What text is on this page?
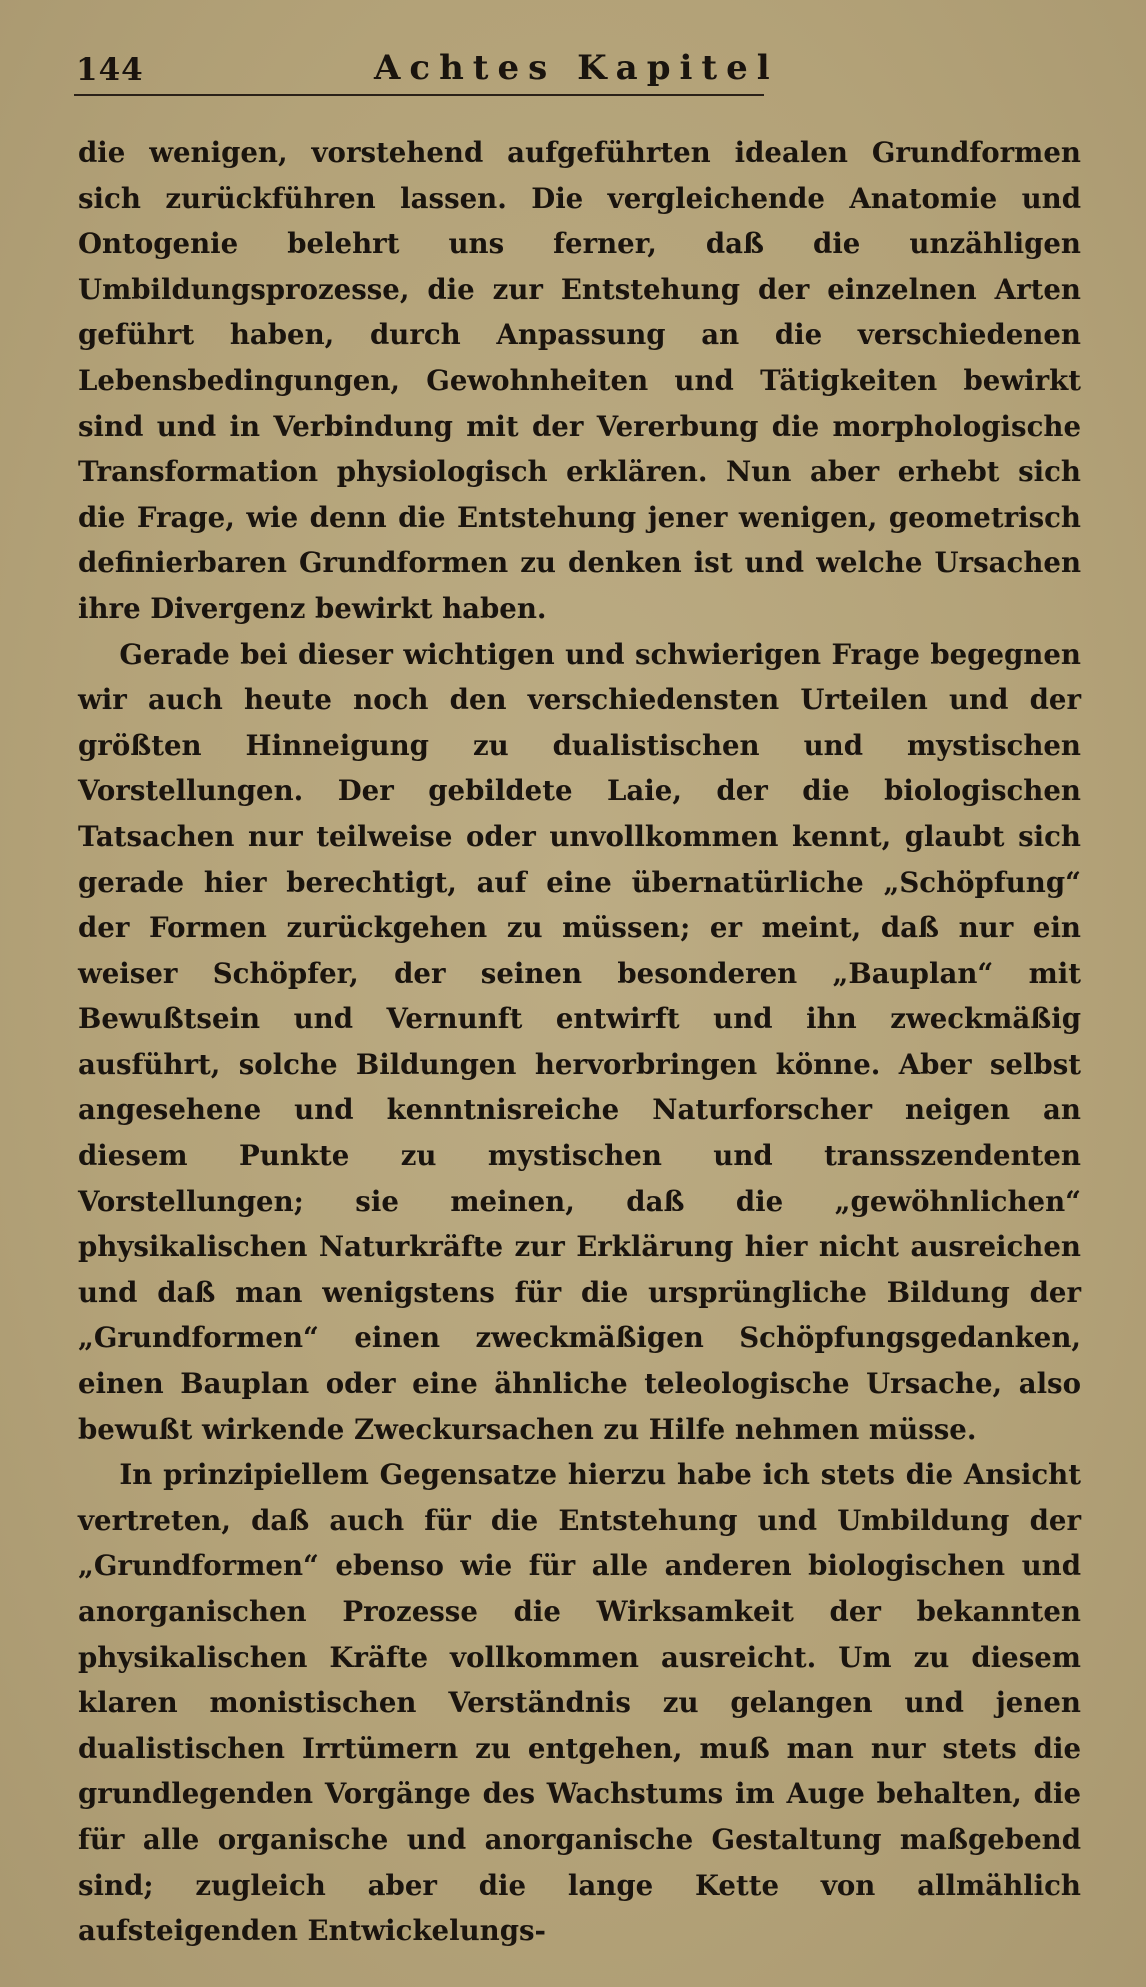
144	Achtes Kapitel

die wenigen, vorstehend aufgeführten idealen Grundformen sich zurückführen lassen. Die vergleichende Anatomie und Ontogenie belehrt uns ferner, daß die unzähligen Umbildungsprozesse, die zur Entstehung der einzelnen Arten geführt haben, durch Anpassung an die verschiedenen Lebensbedingungen, Gewohnheiten und Tätigkeiten bewirkt sind und in Verbindung mit der Vererbung die morphologische Transformation physiologisch erklären. Nun aber erhebt sich die Frage, wie denn die Entstehung jener wenigen, geometrisch definierbaren Grundformen zu denken ist und welche Ursachen ihre Divergenz bewirkt haben.

Gerade bei dieser wichtigen und schwierigen Frage begegnen wir auch heute noch den verschiedensten Urteilen und der größten Hinneigung zu dualistischen und mystischen Vorstellungen. Der gebildete Laie, der die biologischen Tatsachen nur teilweise oder unvollkommen kennt, glaubt sich gerade hier berechtigt, auf eine übernatürliche „Schöpfung“ der Formen zurückgehen zu müssen; er meint, daß nur ein weiser Schöpfer, der seinen besonderen „Bauplan“ mit Bewußtsein und Vernunft entwirft und ihn zweckmäßig ausführt, solche Bildungen hervorbringen könne. Aber selbst angesehene und kenntnisreiche Naturforscher neigen an diesem Punkte zu mystischen und transszendenten Vorstellungen; sie meinen, daß die „gewöhnlichen“ physikalischen Naturkräfte zur Erklärung hier nicht ausreichen und daß man wenigstens für die ursprüngliche Bildung der „Grundformen“ einen zweckmäßigen Schöpfungsgedanken, einen Bauplan oder eine ähnliche teleologische Ursache, also bewußt wirkende Zweckursachen zu Hilfe nehmen müsse.

In prinzipiellem Gegensatze hierzu habe ich stets die Ansicht vertreten, daß auch für die Entstehung und Umbildung der „Grundformen“ ebenso wie für alle anderen biologischen und anorganischen Prozesse die Wirksamkeit der bekannten physikalischen Kräfte vollkommen ausreicht. Um zu diesem klaren monistischen Verständnis zu gelangen und jenen dualistischen Irrtümern zu entgehen, muß man nur stets die grundlegenden Vorgänge des Wachstums im Auge behalten, die für alle organische und anorganische Gestaltung maßgebend sind; zugleich aber die lange Kette von allmählich aufsteigenden Entwickelungs-
